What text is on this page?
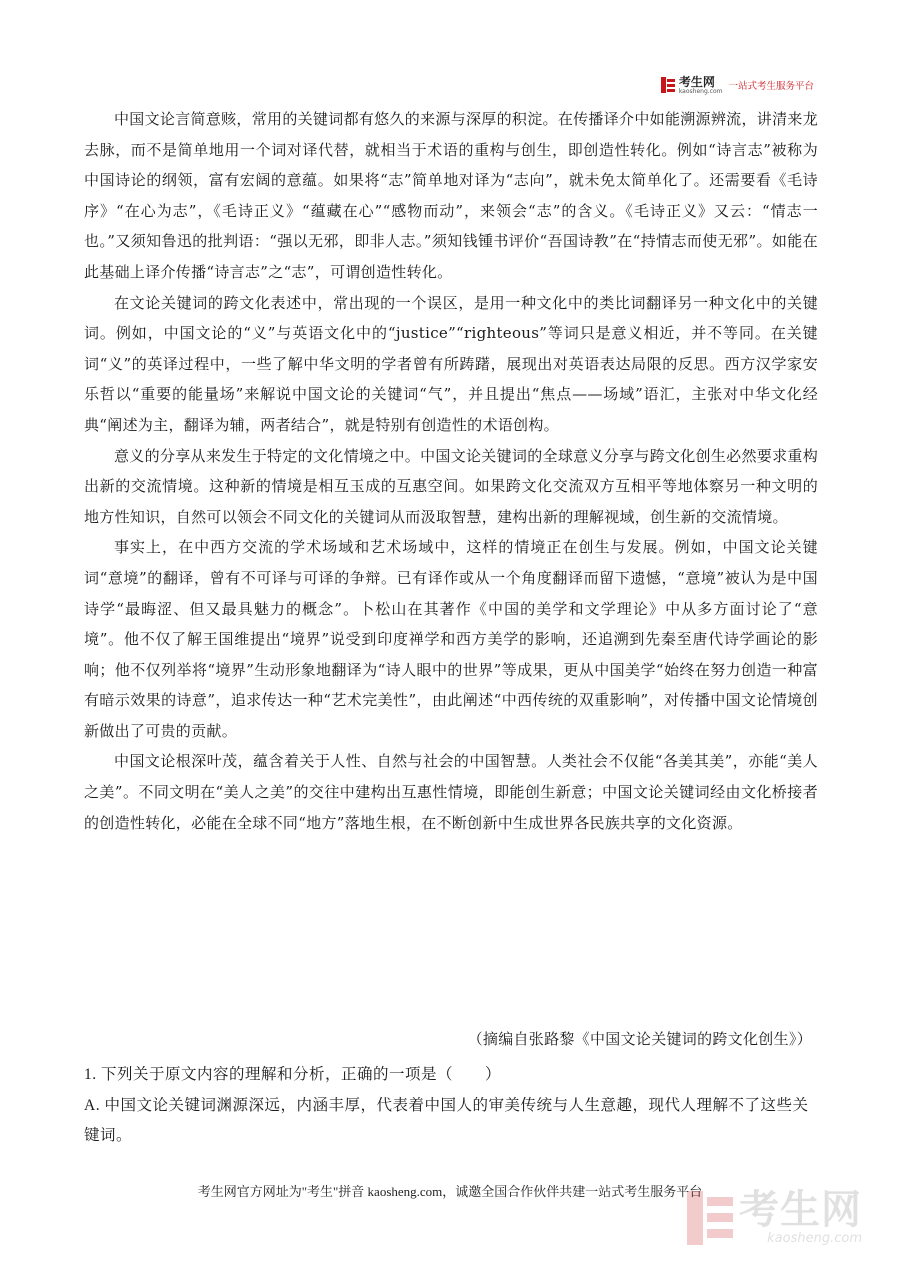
考生网
kaosheng.com 一站式考生服务平台

中国文论言简意赅，常用的关键词都有悠久的来源与深厚的积淀。在传播译介中如能溯源辨流，讲清来龙去脉，而不是简单地用一个词对译代替，就相当于术语的重构与创生，即创造性转化。例如“诗言志”被称为中国诗论的纲领，富有宏阔的意蕴。如果将“志”简单地对译为“志向”，就未免太简单化了。还需要看《毛诗序》“在心为志”，《毛诗正义》“蕴藏在心”“感物而动”，来领会“志”的含义。《毛诗正义》又云：“情志一也。”又须知鲁迅的批判语：“强以无邪，即非人志。”须知钱锺书评价“吾国诗教”在“持情志而使无邪”。如能在此基础上译介传播“诗言志”之“志”，可谓创造性转化。

在文论关键词的跨文化表述中，常出现的一个误区，是用一种文化中的类比词翻译另一种文化中的关键词。例如，中国文论的“义”与英语文化中的“justice”“righteous”等词只是意义相近，并不等同。在关键词“义”的英译过程中，一些了解中华文明的学者曾有所踌躇，展现出对英语表达局限的反思。西方汉学家安乐哲以“重要的能量场”来解说中国文论的关键词“气”，并且提出“焦点——场域”语汇，主张对中华文化经典“阐述为主，翻译为辅，两者结合”，就是特别有创造性的术语创构。

意义的分享从来发生于特定的文化情境之中。中国文论关键词的全球意义分享与跨文化创生必然要求重构出新的交流情境。这种新的情境是相互玉成的互惠空间。如果跨文化交流双方互相平等地体察另一种文明的地方性知识，自然可以领会不同文化的关键词从而汲取智慧，建构出新的理解视域，创生新的交流情境。

事实上，在中西方交流的学术场域和艺术场域中，这样的情境正在创生与发展。例如，中国文论关键词“意境”的翻译，曾有不可译与可译的争辩。已有译作或从一个角度翻译而留下遗憾，“意境”被认为是中国诗学“最晦涩、但又最具魅力的概念”。卜松山在其著作《中国的美学和文学理论》中从多方面讨论了“意境”。他不仅了解王国维提出“境界”说受到印度禅学和西方美学的影响，还追溯到先秦至唐代诗学画论的影响；他不仅列举将“境界”生动形象地翻译为“诗人眼中的世界”等成果，更从中国美学“始终在努力创造一种富有暗示效果的诗意”，追求传达一种“艺术完美性”，由此阐述“中西传统的双重影响”，对传播中国文论情境创新做出了可贵的贡献。

中国文论根深叶茂，蕴含着关于人性、自然与社会的中国智慧。人类社会不仅能“各美其美”，亦能“美人之美”。不同文明在“美人之美”的交往中建构出互惠性情境，即能创生新意；中国文论关键词经由文化桥接者的创造性转化，必能在全球不同“地方”落地生根，在不断创新中生成世界各民族共享的文化资源。

（摘编自张路黎《中国文论关键词的跨文化创生》）

1. 下列关于原文内容的理解和分析，正确的一项是（　　）

A. 中国文论关键词渊源深远，内涵丰厚，代表着中国人的审美传统与人生意趣，现代人理解不了这些关键词。

考生网官方网址为"考生"拼音 kaosheng.com，诚邀全国合作伙伴共建一站式考生服务平台 考生网
kaosheng.com
